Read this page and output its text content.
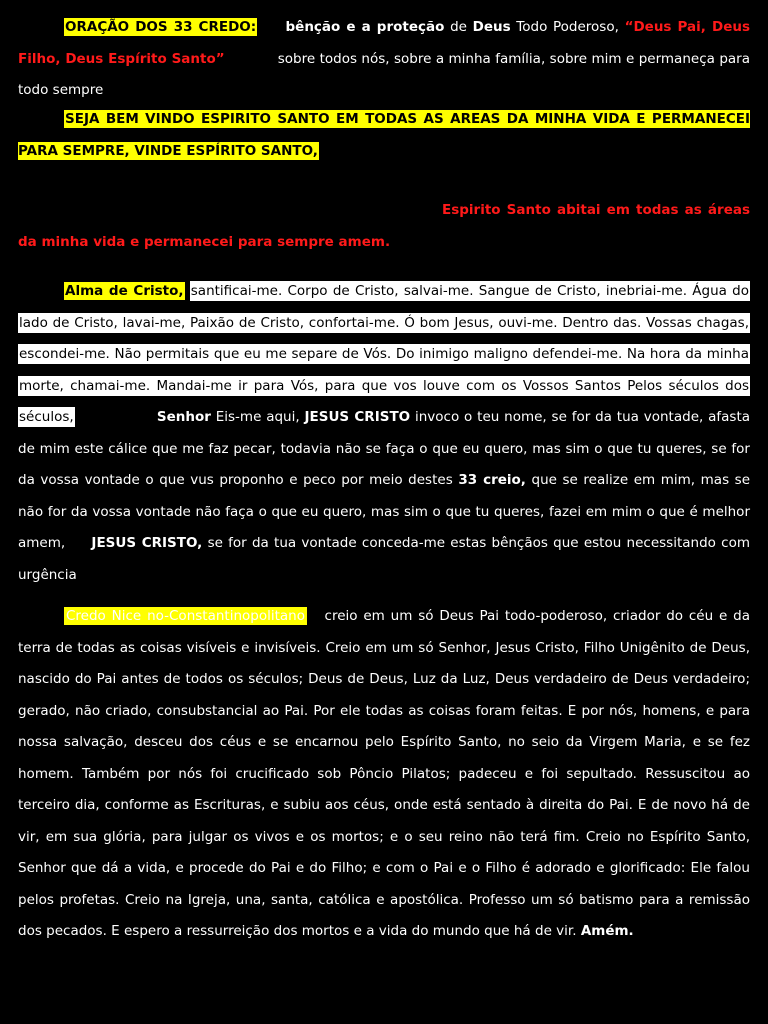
ORAÇÃO DOS 33 CREDO: bênção e a proteção de Deus Todo Poderoso, “Deus Pai, Deus Filho, Deus Espírito Santo”	sobre todos nós, sobre a minha família, sobre mim e permaneça para todo sempre

SEJA BEM VINDO ESPIRITO SANTO EM TODAS AS AREAS DA MINHA VIDA E PERMANECEI PARA SEMPRE, VINDE ESPÍRITO SANTO,

Espirito Santo abitai em todas as áreas da minha vida e permanecei para sempre amem.

Alma de Cristo, santificai-me. Corpo de Cristo, salvai-me. Sangue de Cristo, inebriai-me. Água do lado de Cristo, lavai-me, Paixão de Cristo, confortai-me. Ó bom Jesus, ouvi-me. Dentro das. Vossas chagas, escondei-me. Não permitais que eu me separe de Vós. Do inimigo maligno defendei-me. Na hora da minha morte, chamai-me. Mandai-me ir para Vós, para que vos louve com os Vossos Santos Pelos séculos dos séculos,	Senhor Eis-me aqui, JESUS CRISTO invoco o teu nome, se for da tua vontade, afasta de mim este cálice que me faz pecar, todavia não se faça o que eu quero, mas sim o que tu queres, se for da vossa vontade o que vus proponho e peco por meio destes 33 creio, que se realize em mim, mas se não for da vossa vontade não faça o que eu quero, mas sim o que tu queres, fazei em mim o que é melhor amem, JESUS CRISTO, se for da tua vontade conceda-me estas bênçãos que estou necessitando com urgência

Credo Nice no-Constantinopolitano creio em um só Deus Pai todo-poderoso, criador do céu e da terra de todas as coisas visíveis e invisíveis. Creio em um só Senhor, Jesus Cristo, Filho Unigênito de Deus, nascido do Pai antes de todos os séculos; Deus de Deus, Luz da Luz, Deus verdadeiro de Deus verdadeiro; gerado, não criado, consubstancial ao Pai. Por ele todas as coisas foram feitas. E por nós, homens, e para nossa salvação, desceu dos céus e se encarnou pelo Espírito Santo, no seio da Virgem Maria, e se fez homem. Também por nós foi crucificado sob Pôncio Pilatos; padeceu e foi sepultado. Ressuscitou ao terceiro dia, conforme as Escrituras, e subiu aos céus, onde está sentado à direita do Pai. E de novo há de vir, em sua glória, para julgar os vivos e os mortos; e o seu reino não terá fim. Creio no Espírito Santo, Senhor que dá a vida, e procede do Pai e do Filho; e com o Pai e o Filho é adorado e glorificado: Ele falou pelos profetas. Creio na Igreja, una, santa, católica e apostólica. Professo um só batismo para a remissão dos pecados. E espero a ressurreição dos mortos e a vida do mundo que há de vir. Amém.
